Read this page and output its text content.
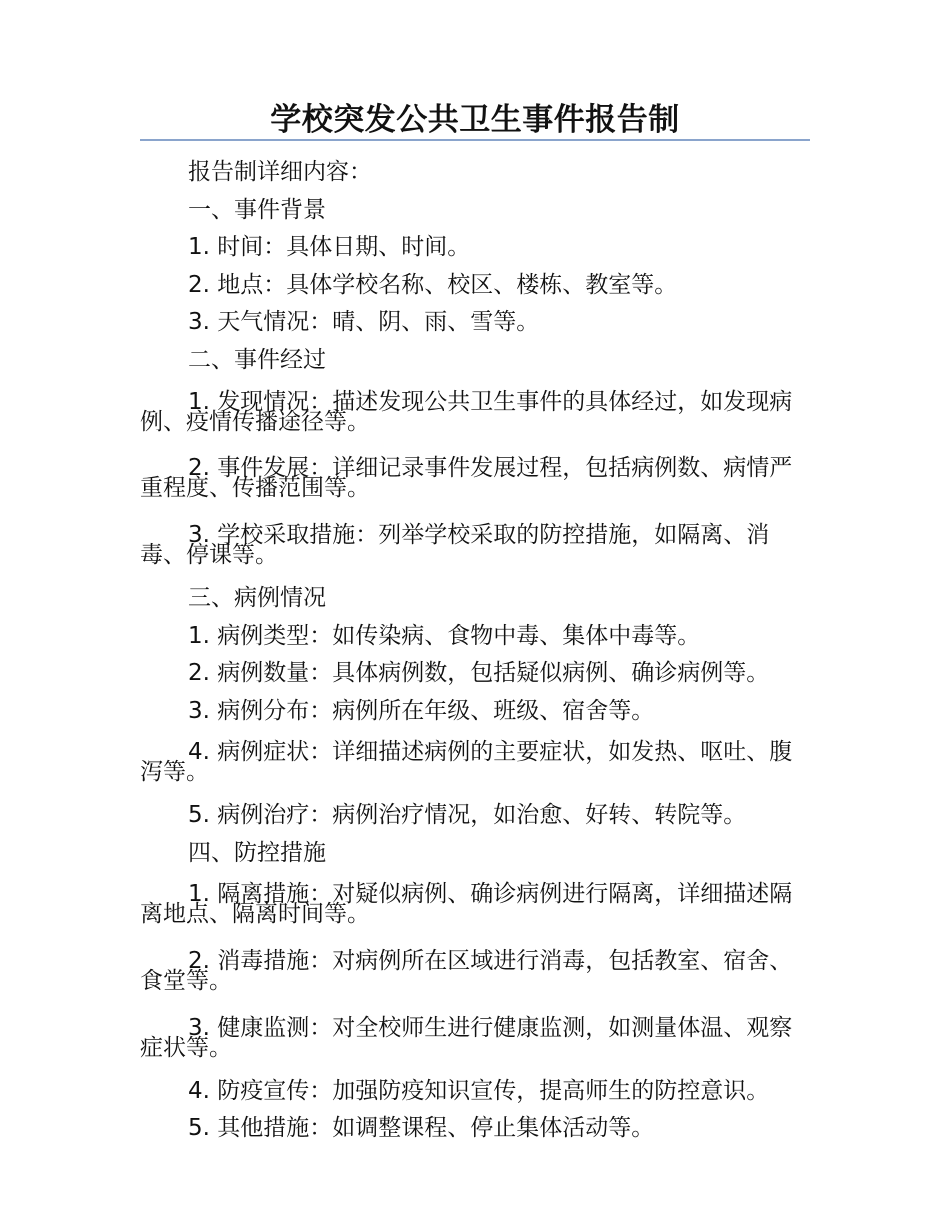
学校突发公共卫生事件报告制

报告制详细内容：

一、事件背景

1. 时间：具体日期、时间。

2. 地点：具体学校名称、校区、楼栋、教室等。

3. 天气情况：晴、阴、雨、雪等。

二、事件经过

1. 发现情况：描述发现公共卫生事件的具体经过，如发现病例、疫情传播途径等。

2. 事件发展：详细记录事件发展过程，包括病例数、病情严重程度、传播范围等。

3. 学校采取措施：列举学校采取的防控措施，如隔离、消毒、停课等。

三、病例情况

1. 病例类型：如传染病、食物中毒、集体中毒等。

2. 病例数量：具体病例数，包括疑似病例、确诊病例等。

3. 病例分布：病例所在年级、班级、宿舍等。

4. 病例症状：详细描述病例的主要症状，如发热、呕吐、腹泻等。

5. 病例治疗：病例治疗情况，如治愈、好转、转院等。

四、防控措施

1. 隔离措施：对疑似病例、确诊病例进行隔离，详细描述隔离地点、隔离时间等。

2. 消毒措施：对病例所在区域进行消毒，包括教室、宿舍、食堂等。

3. 健康监测：对全校师生进行健康监测，如测量体温、观察症状等。

4. 防疫宣传：加强防疫知识宣传，提高师生的防控意识。

5. 其他措施：如调整课程、停止集体活动等。
